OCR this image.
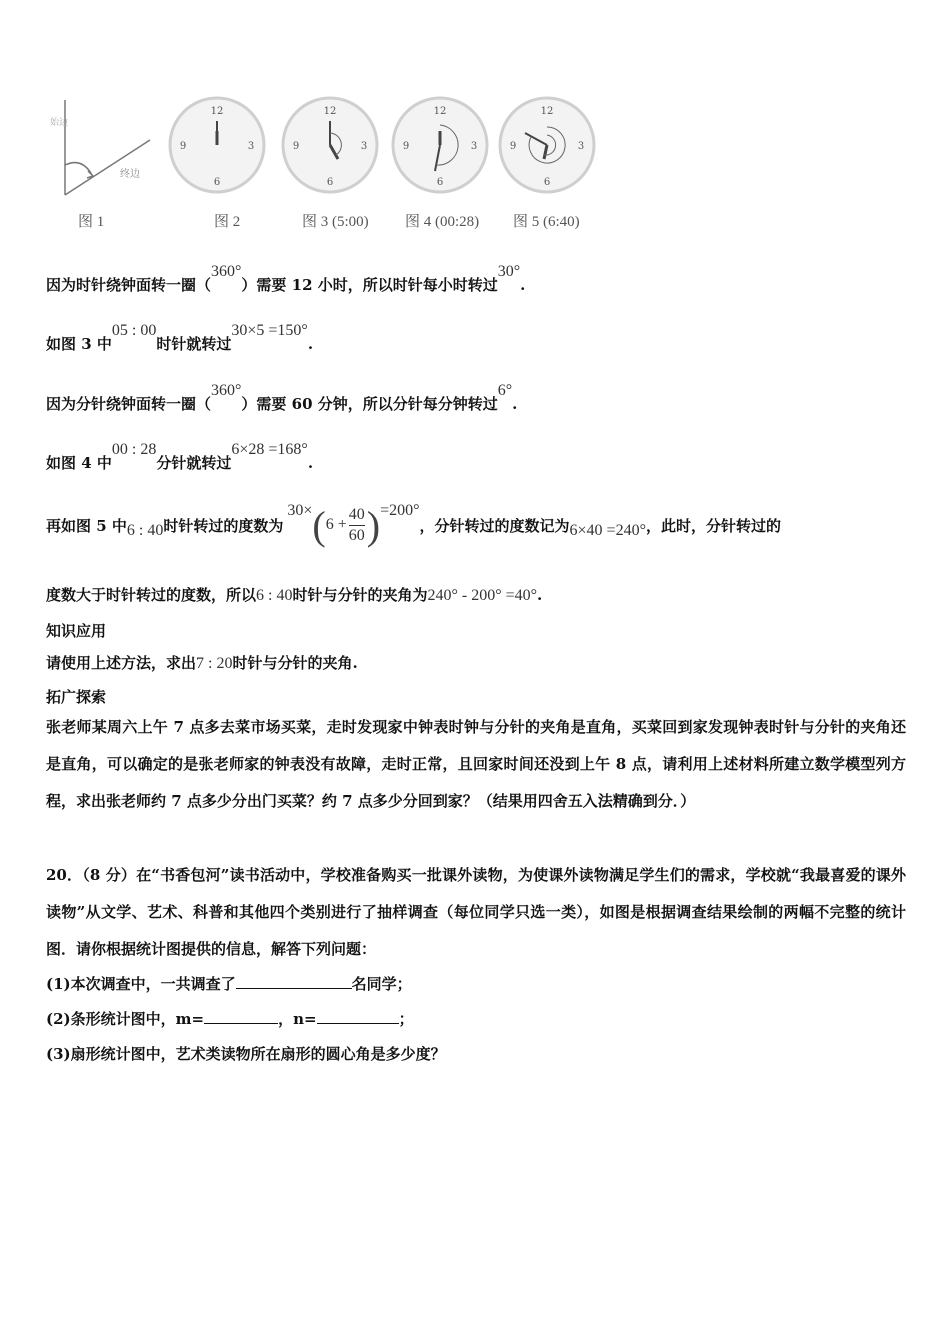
终边
始边
12
3
6
9
12
3
6
9
12
3
6
9
12
3
6
9
图 1	图 2	图 3 (5:00) 图 4 (00:28) 图 5 (6:40)
因为时针绕钟面转一圈（360°）需要 12 小时，所以时针每小时转过30°.
如图 3 中05 : 00时针就转过30×5 =150°.
因为分针绕钟面转一圈（360°）需要 60 分钟，所以分针每分钟转过6°.
如图 4 中00 : 28分针就转过6×28 =168°.
再如图 5 中 6 : 40 时针转过的度数为
30× ( $6 + \frac{40}{60}$ ) =200°
，分针转过的度数记为 6×40 =240° ，此时，分针转过的
度数大于时针转过的度数，所以6 : 40时针与分针的夹角为240° - 200° =40°.
知识应用
请使用上述方法，求出7 : 20时针与分针的夹角.
拓广探索
张老师某周六上午 7 点多去菜市场买菜，走时发现家中钟表时钟与分针的夹角是直角，买菜回到家发现钟表时针与分针的夹角还是直角，可以确定的是张老师家的钟表没有故障，走时正常，且回家时间还没到上午 8 点，请利用上述材料所建立数学模型列方程，求出张老师约 7 点多少分出门买菜？约 7 点多少分回到家？（结果用四舍五入法精确到分．）
20．（8 分）在“书香包河”读书活动中，学校准备购买一批课外读物，为使课外读物满足学生们的需求，学校就“我最喜爱的课外读物”从文学、艺术、科普和其他四个类别进行了抽样调查（每位同学只选一类），如图是根据调查结果绘制的两幅不完整的统计图．请你根据统计图提供的信息，解答下列问题：
(1)本次调查中，一共调查了	名同学；
(2)条形统计图中，m=	，n=	；
(3)扇形统计图中，艺术类读物所在扇形的圆心角是多少度？
